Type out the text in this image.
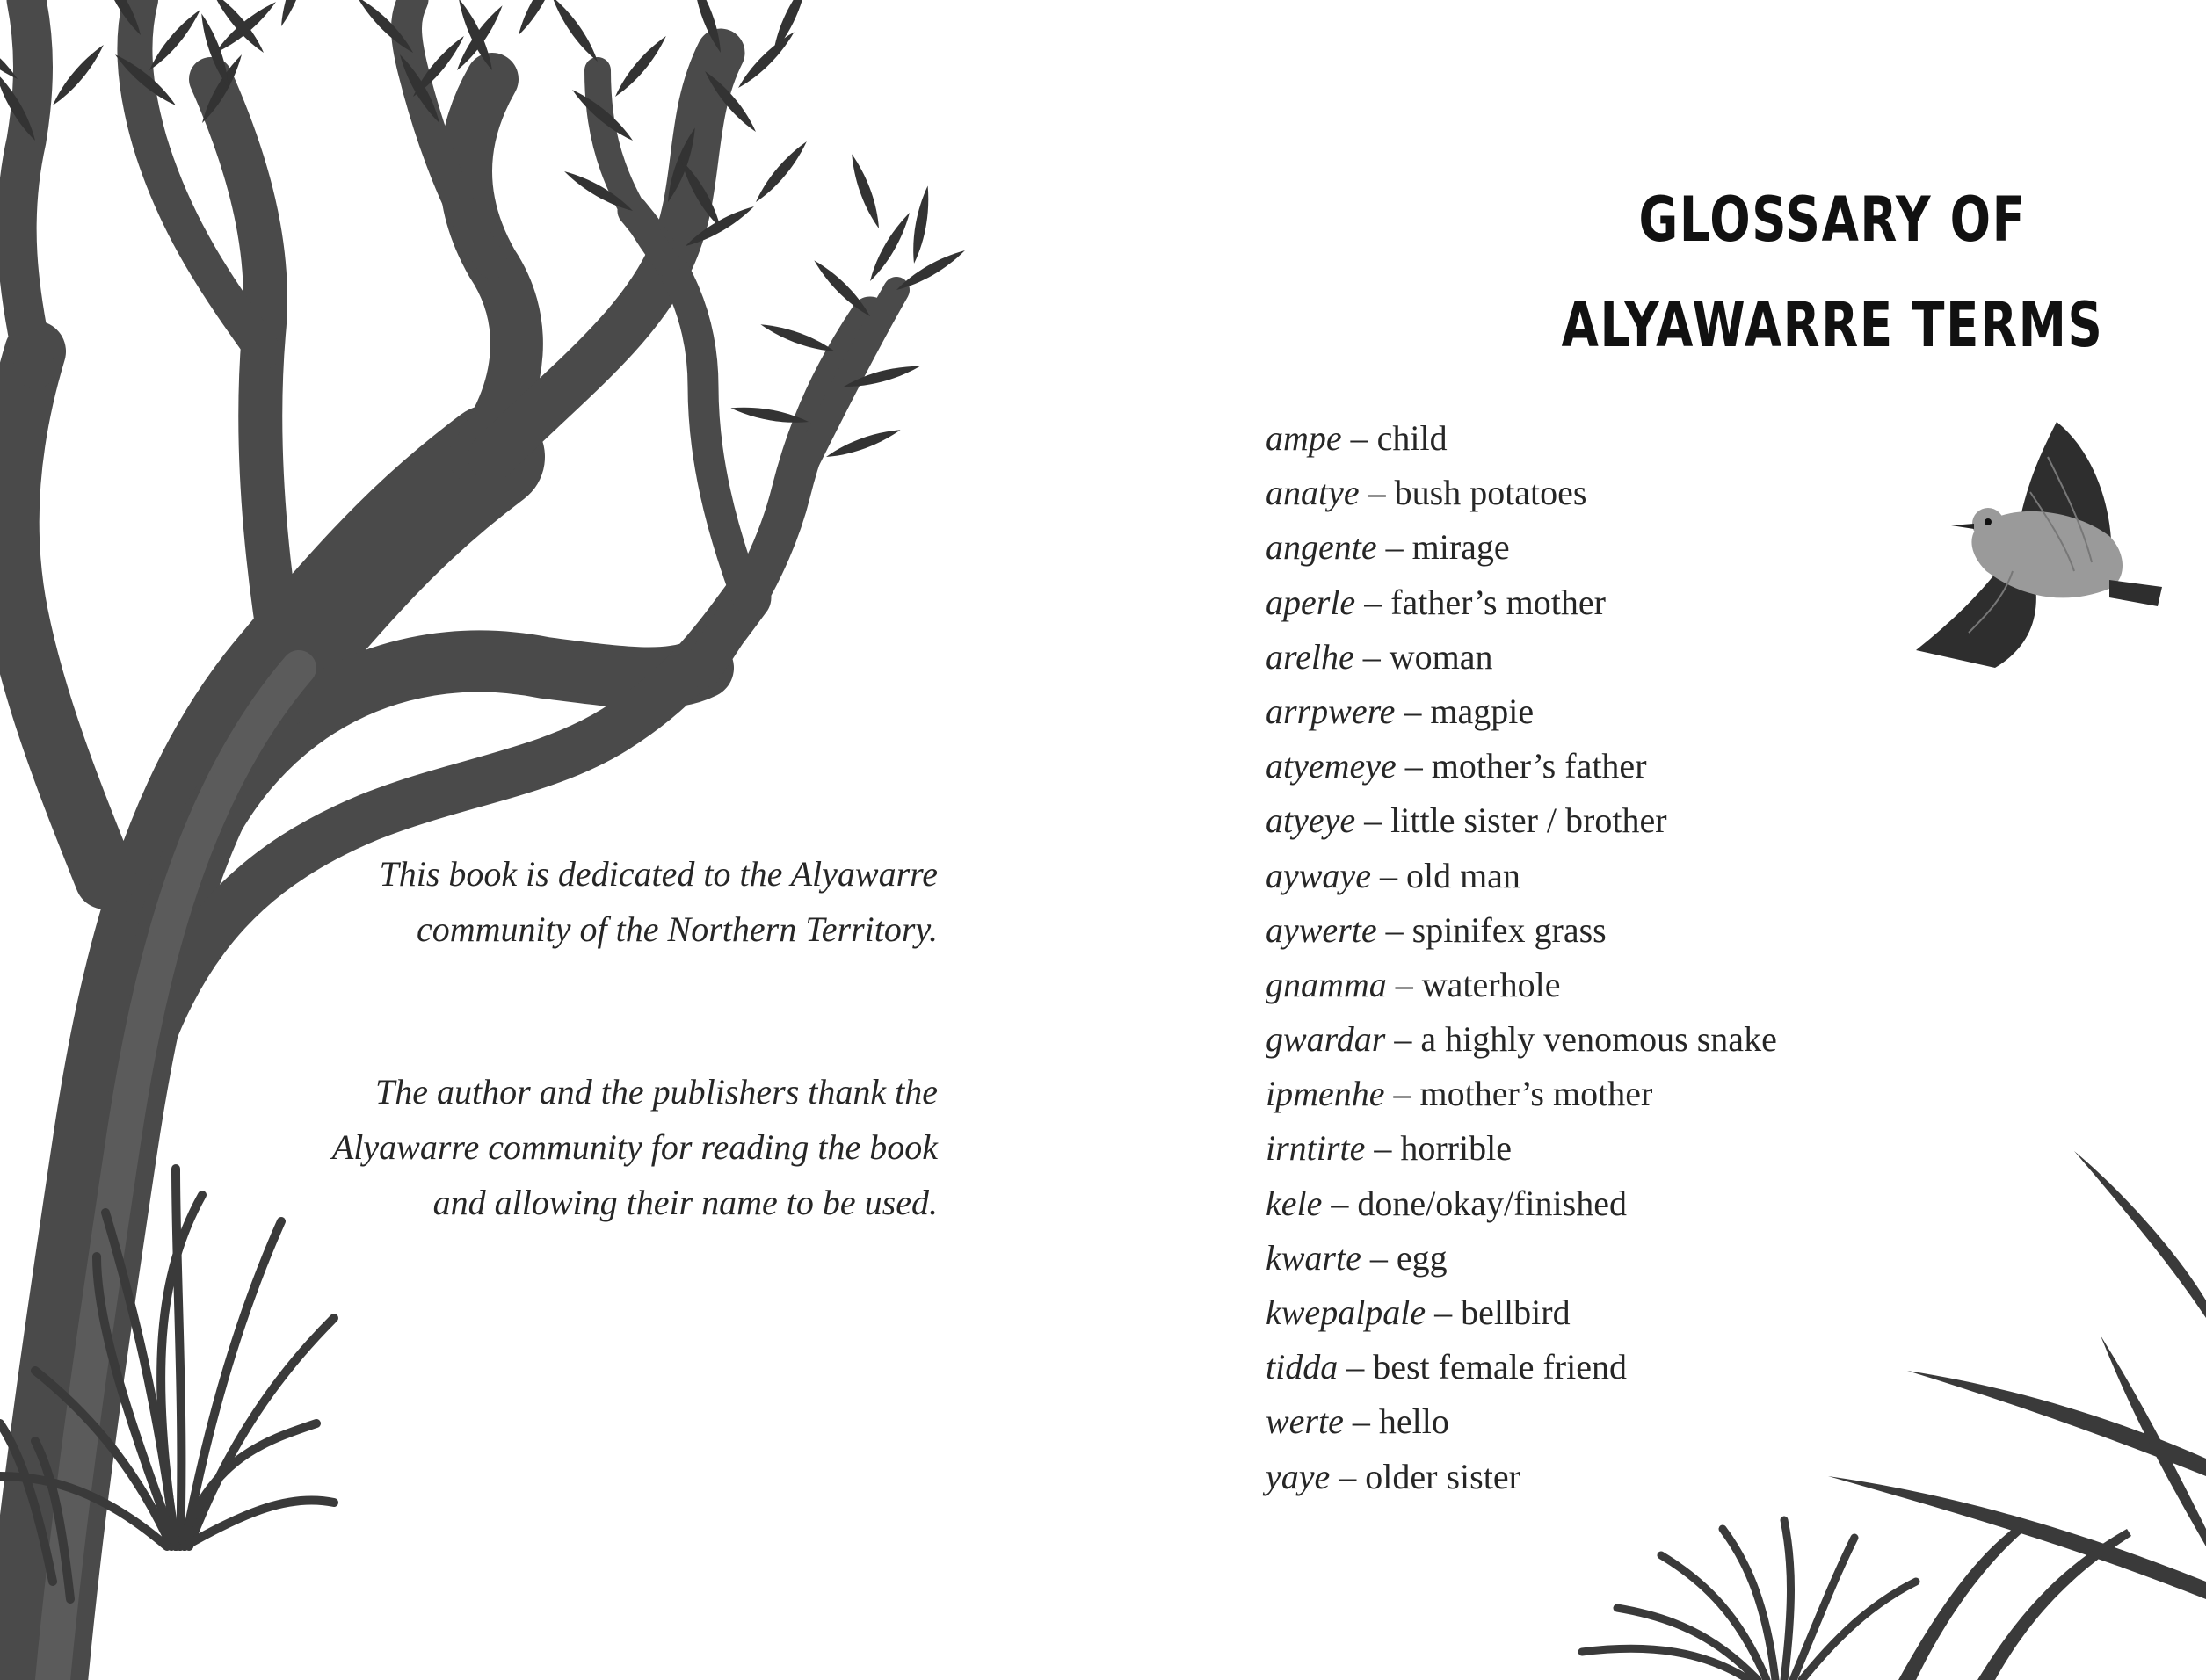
This book is dedicated to the Alyawarre
community of the Northern Territory.

The author and the publishers thank the
Alyawarre community for reading the book
and allowing their name to be used.

GLOSSARY OF
ALYAWARRE TERMS
ampe – child
anatye – bush potatoes
angente – mirage
aperle – father’s mother
arelhe – woman
arrpwere – magpie
atyemeye – mother’s father
atyeye – little sister / brother
aywaye – old man
aywerte – spinifex grass
gnamma – waterhole
gwardar – a highly venomous snake
ipmenhe – mother’s mother
irntirte – horrible
kele – done/okay/finished
kwarte – egg
kwepalpale – bellbird
tidda – best female friend
werte – hello
yaye – older sister
